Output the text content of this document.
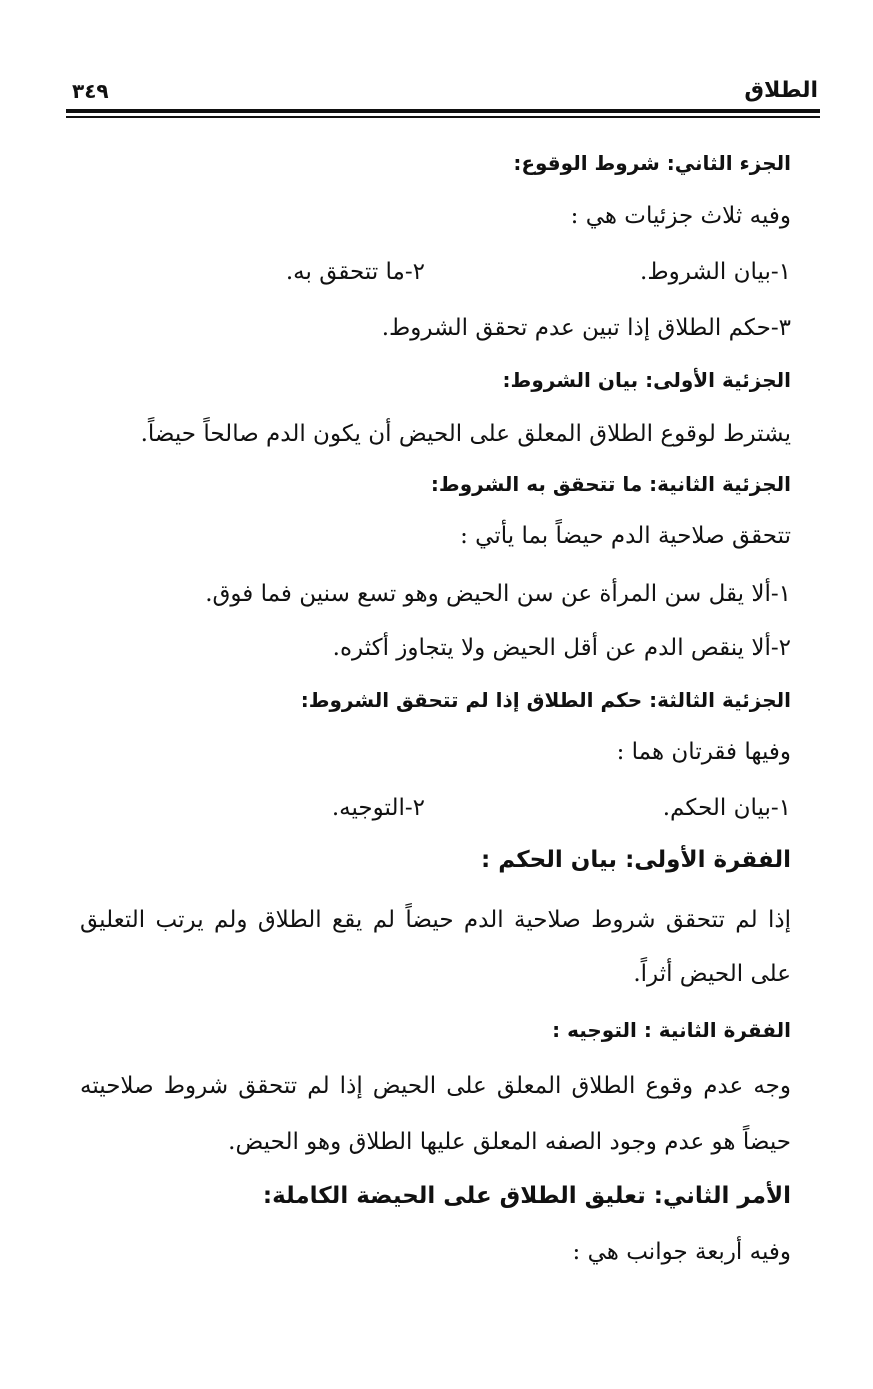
الطلاق
٣٤٩
الجزء الثاني: شروط الوقوع:
وفيه ثلاث جزئيات هي :
١-بيان الشروط.
٢-ما تتحقق به.
٣-حكم الطلاق إذا تبين عدم تحقق الشروط.
الجزئية الأولى: بيان الشروط:
يشترط لوقوع الطلاق المعلق على الحيض أن يكون الدم صالحاً حيضاً.
الجزئية الثانية: ما تتحقق به الشروط:
تتحقق صلاحية الدم حيضاً بما يأتي :
١-ألا يقل سن المرأة عن سن الحيض وهو تسع سنين فما فوق.
٢-ألا ينقص الدم عن أقل الحيض ولا يتجاوز أكثره.
الجزئية الثالثة: حكم الطلاق إذا لم تتحقق الشروط:
وفيها فقرتان هما :
١-بيان الحكم.
٢-التوجيه.
الفقرة الأولى: بيان الحكم :
إذا لم تتحقق شروط صلاحية الدم حيضاً لم يقع الطلاق ولم يرتب التعليق
على الحيض أثراً.
الفقرة الثانية : التوجيه :
وجه عدم وقوع الطلاق المعلق على الحيض إذا لم تتحقق شروط صلاحيته
حيضاً هو عدم وجود الصفه المعلق عليها الطلاق وهو الحيض.
الأمر الثاني: تعليق الطلاق على الحيضة الكاملة:
وفيه أربعة جوانب هي :
